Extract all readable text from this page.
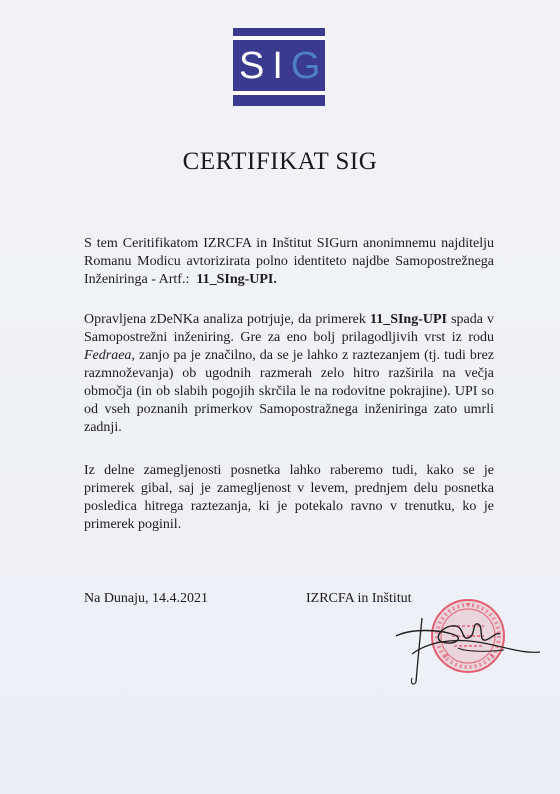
SIG
CERTIFIKAT SIG
S tem Ceritifikatom IZRCFA in Inštitut SIGurn anonimnemu najditelju Romanu Modicu avtorizirata polno identiteto najdbe Samopostrežnega Inženiringa - Artf.: 11_SIng-UPI.
Opravljena zDeNKa analiza potrjuje, da primerek 11_SIng-UPI spada v Samopostrežni inženiring. Gre za eno bolj prilagodljivih vrst iz rodu Fedraea, zanjo pa je značilno, da se je lahko z raztezanjem (tj. tudi brez razmnoževanja) ob ugodnih razmerah zelo hitro razširila na večja območja (in ob slabih pogojih skrčila le na rodovitne pokrajine). UPI so od vseh poznanih primerkov Samopostražnega inženiringa zato umrli zadnji.
Iz delne zamegljenosti posnetka lahko raberemo tudi, kako se je primerek gibal, saj je zamegljenost v levem, prednjem delu posnetka posledica hitrega raztezanja, ki je potekalo ravno v trenutku, ko je primerek poginil.
Na Dunaju, 14.4.2021	IZRCFA in Inštitut
